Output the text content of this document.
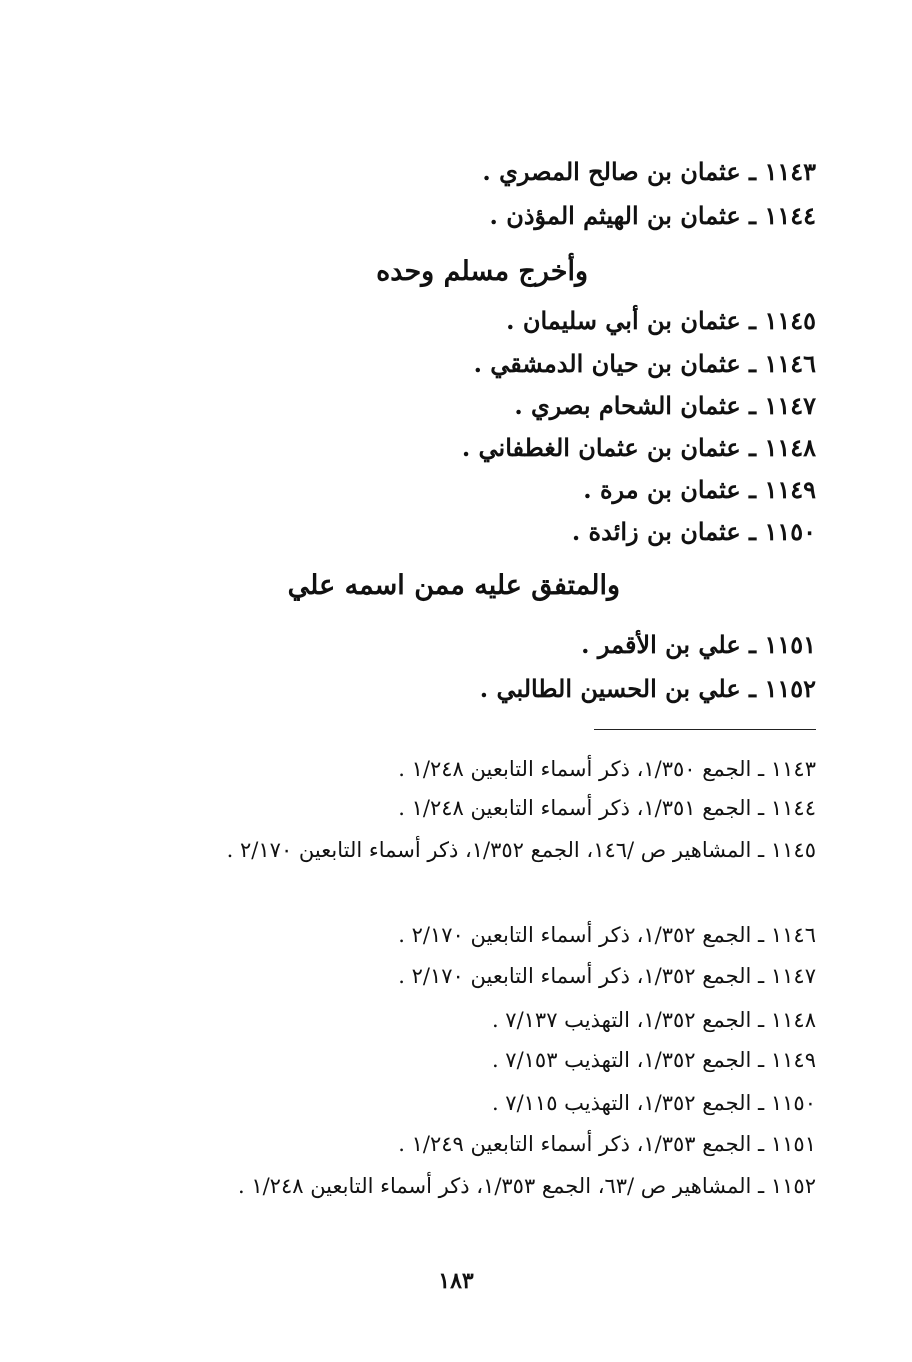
١١٤٣ ـ عثمان بن صالح المصري .
١١٤٤ ـ عثمان بن الهيثم المؤذن .
وأخرج مسلم وحده
١١٤٥ ـ عثمان بن أبي سليمان .
١١٤٦ ـ عثمان بن حيان الدمشقي .
١١٤٧ ـ عثمان الشحام بصري .
١١٤٨ ـ عثمان بن عثمان الغطفاني .
١١٤٩ ـ عثمان بن مرة .
١١٥٠ ـ عثمان بن زائدة .
والمتفق عليه ممن اسمه علي
١١٥١ ـ علي بن الأقمر .
١١٥٢ ـ علي بن الحسين الطالبي .
١١٤٣ ـ الجمع ١/٣٥٠، ذكر أسماء التابعين ١/٢٤٨ .
١١٤٤ ـ الجمع ١/٣٥١، ذكر أسماء التابعين ١/٢٤٨ .
١١٤٥ ـ المشاهير ص /١٤٦، الجمع ١/٣٥٢، ذكر أسماء التابعين ٢/١٧٠ .
١١٤٦ ـ الجمع ١/٣٥٢، ذكر أسماء التابعين ٢/١٧٠ .
١١٤٧ ـ الجمع ١/٣٥٢، ذكر أسماء التابعين ٢/١٧٠ .
١١٤٨ ـ الجمع ١/٣٥٢، التهذيب ٧/١٣٧ .
١١٤٩ ـ الجمع ١/٣٥٢، التهذيب ٧/١٥٣ .
١١٥٠ ـ الجمع ١/٣٥٢، التهذيب ٧/١١٥ .
١١٥١ ـ الجمع ١/٣٥٣، ذكر أسماء التابعين ١/٢٤٩ .
١١٥٢ ـ المشاهير ص /٦٣، الجمع ١/٣٥٣، ذكر أسماء التابعين ١/٢٤٨ .
١٨٣
